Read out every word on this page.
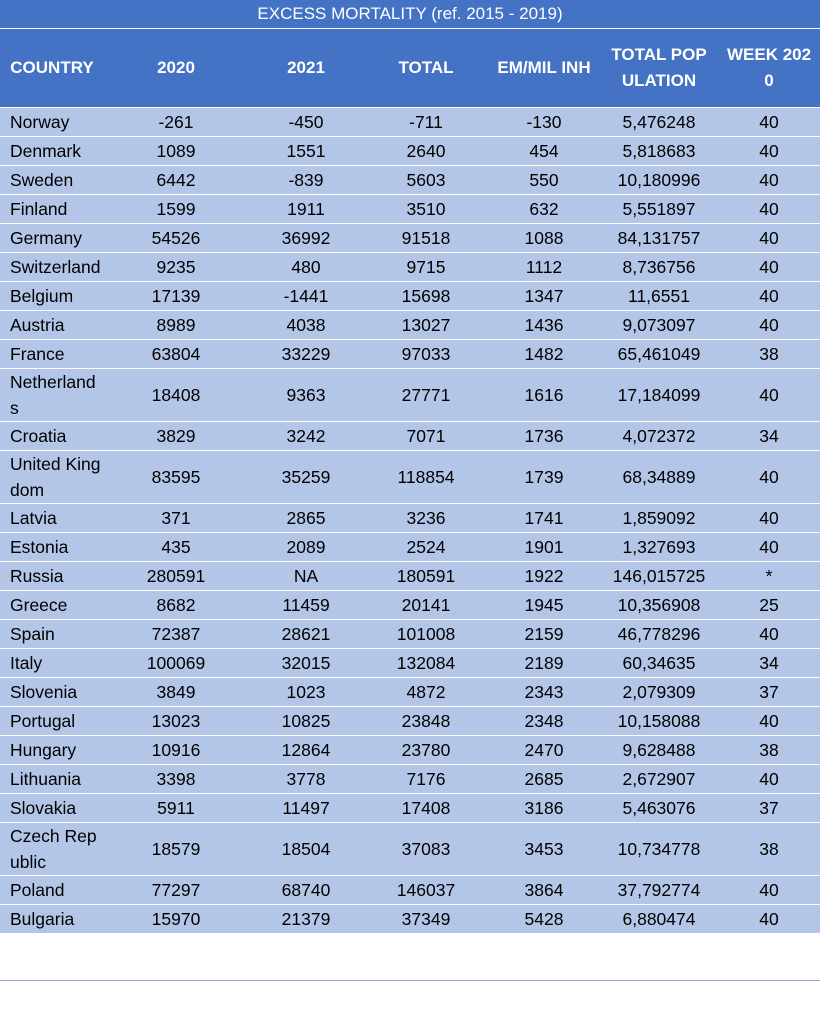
EXCESS MORTALITY (ref. 2015 - 2019)						
COUNTRY	2020	2021	TOTAL	EM/MIL INH	TOTAL POPULATION	WEEK 2020
Norway	-261	-450	-711	-130	5,476248	40
Denmark	1089	1551	2640	454	5,818683	40
Sweden	6442	-839	5603	550	10,180996	40
Finland	1599	1911	3510	632	5,551897	40
Germany	54526	36992	91518	1088	84,131757	40
Switzerland	9235	480	9715	1112	8,736756	40
Belgium	17139	-1441	15698	1347	11,6551	40
Austria	8989	4038	13027	1436	9,073097	40
France	63804	33229	97033	1482	65,461049	38
Netherlands	18408	9363	27771	1616	17,184099	40
Croatia	3829	3242	7071	1736	4,072372	34
United Kingdom	83595	35259	118854	1739	68,34889	40
Latvia	371	2865	3236	1741	1,859092	40
Estonia	435	2089	2524	1901	1,327693	40
Russia	280591	NA	180591	1922	146,015725	*
Greece	8682	11459	20141	1945	10,356908	25
Spain	72387	28621	101008	2159	46,778296	40
Italy	100069	32015	132084	2189	60,34635	34
Slovenia	3849	1023	4872	2343	2,079309	37
Portugal	13023	10825	23848	2348	10,158088	40
Hungary	10916	12864	23780	2470	9,628488	38
Lithuania	3398	3778	7176	2685	2,672907	40
Slovakia	5911	11497	17408	3186	5,463076	37
Czech Republic	18579	18504	37083	3453	10,734778	38
Poland	77297	68740	146037	3864	37,792774	40
Bulgaria	15970	21379	37349	5428	6,880474	40
